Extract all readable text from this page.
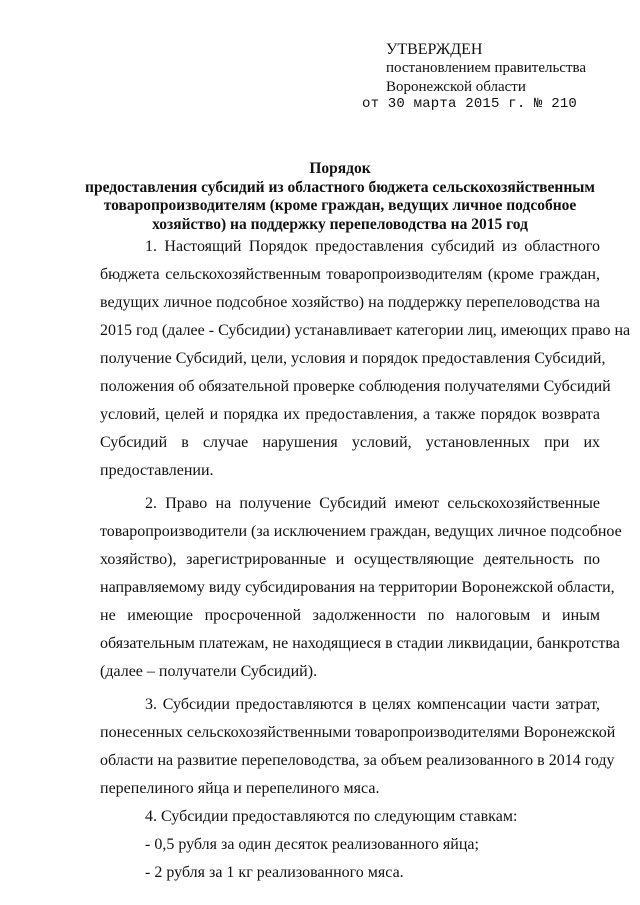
УТВЕРЖДЕН
постановлением правительства
Воронежской области
от 30 марта 2015 г. № 210
Порядок
предоставления субсидий из областного бюджета сельскохозяйственным
товаропроизводителям (кроме граждан, ведущих личное подсобное
хозяйство) на поддержку перепеловодства на 2015 год
1. Настоящий Порядок предоставления субсидий из областного
бюджета сельскохозяйственным товаропроизводителям (кроме граждан,
ведущих личное подсобное хозяйство) на поддержку перепеловодства на
2015 год (далее - Субсидии) устанавливает категории лиц, имеющих право на
получение Субсидий, цели, условия и порядок предоставления Субсидий,
положения об обязательной проверке соблюдения получателями Субсидий
условий, целей и порядка их предоставления, а также порядок возврата
Субсидий в случае нарушения условий, установленных при их
предоставлении.
2. Право на получение Субсидий имеют сельскохозяйственные
товаропроизводители (за исключением граждан, ведущих личное подсобное
хозяйство), зарегистрированные и осуществляющие деятельность по
направляемому виду субсидирования на территории Воронежской области,
не имеющие просроченной задолженности по налоговым и иным
обязательным платежам, не находящиеся в стадии ликвидации, банкротства
(далее – получатели Субсидий).
3. Субсидии предоставляются в целях компенсации части затрат,
понесенных сельскохозяйственными товаропроизводителями Воронежской
области на развитие перепеловодства, за объем реализованного в 2014 году
перепелиного яйца и перепелиного мяса.
4. Субсидии предоставляются по следующим ставкам:
- 0,5 рубля за один десяток реализованного яйца;
- 2 рубля за 1 кг реализованного мяса.
